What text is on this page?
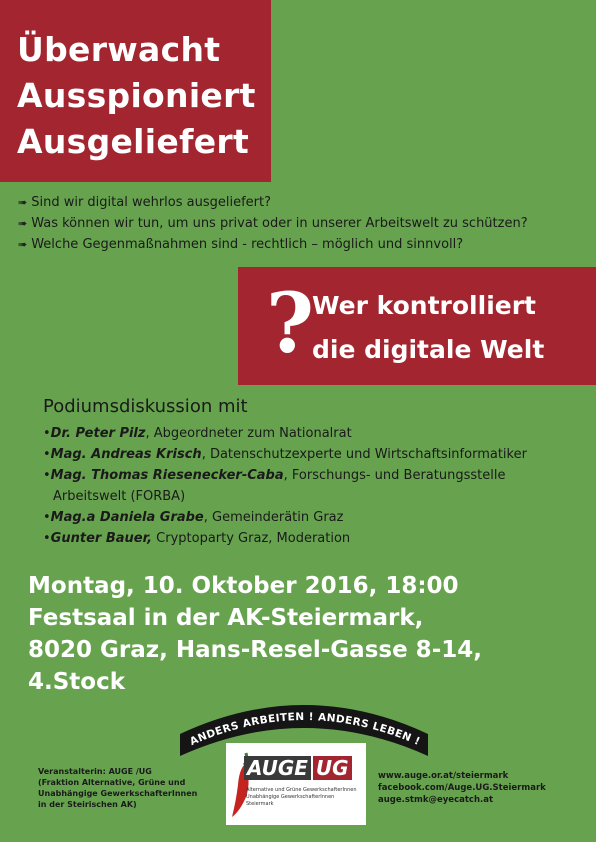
Überwacht
Ausspioniert
Ausgeliefert
➠ Sind wir digital wehrlos ausgeliefert?
➠ Was können wir tun, um uns privat oder in unserer Arbeitswelt zu schützen?
➠ Welche Gegenmaßnahmen sind - rechtlich – möglich und sinnvoll?
?
Wer kontrolliert
die digitale Welt
Podiumsdiskussion mit
•Dr. Peter Pilz, Abgeordneter zum Nationalrat
•Mag. Andreas Krisch, Datenschutzexperte und Wirtschaftsinformatiker
•Mag. Thomas Riesenecker-Caba, Forschungs- und Beratungsstelle
Arbeitswelt (FORBA)
•Mag.a Daniela Grabe, Gemeinderätin Graz
•Gunter Bauer, Cryptoparty Graz, Moderation
Montag, 10. Oktober 2016, 18:00
Festsaal in der AK-Steiermark,
8020 Graz, Hans-Resel-Gasse 8-14,
4.Stock
ANDERS ARBEITEN ! ANDERS LEBEN !
AUGE UG
Alternative und Grüne GewerkschafterInnen
Unabhängige GewerkschafterInnen
Steiermark
Veranstalterin: AUGE /UG
(Fraktion Alternative, Grüne und
Unabhängige GewerkschafterInnen
in der Steirischen AK)
www.auge.or.at/steiermark
facebook.com/Auge.UG.Steiermark
auge.stmk@eyecatch.at
